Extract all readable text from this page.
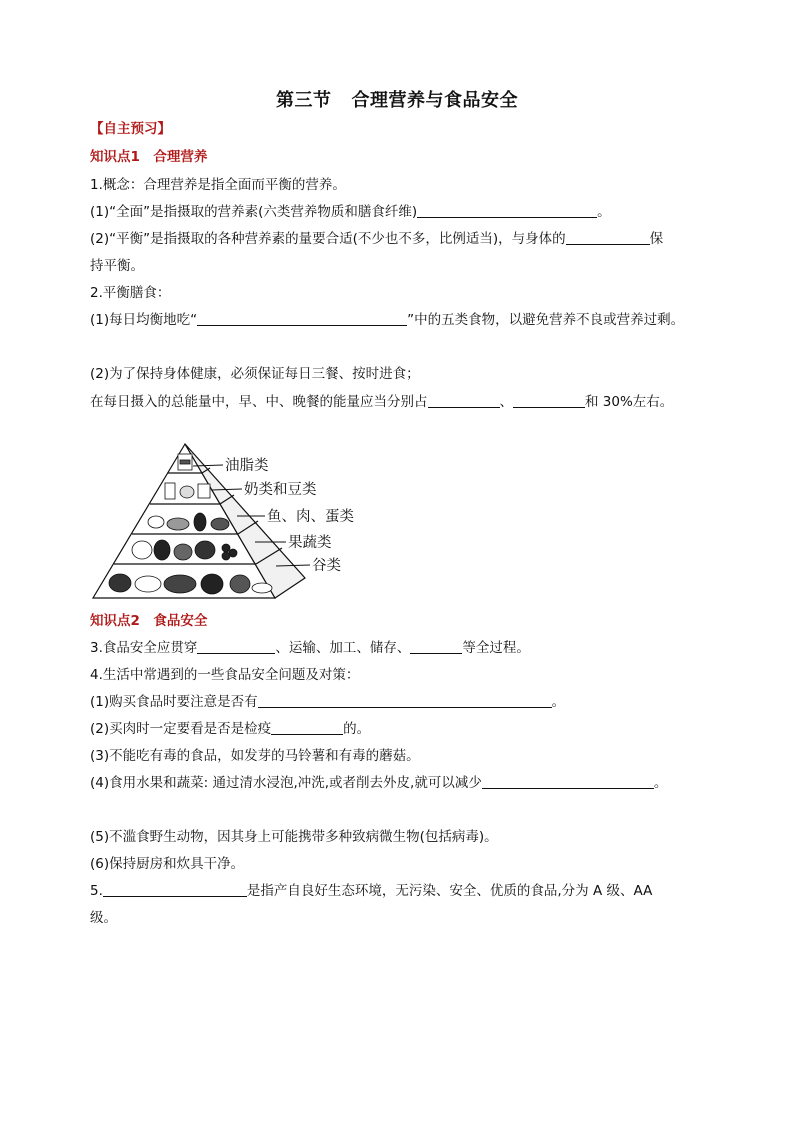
第三节 合理营养与食品安全
【自主预习】
知识点1　合理营养
1.概念：合理营养是指全面而平衡的营养。
(1)“全面”是指摄取的营养素(六类营养物质和膳食纤维)	。
(2)“平衡”是指摄取的各种营养素的量要合适(不少也不多，比例适当)，与身体的	保
持平衡。
2.平衡膳食：
(1)每日均衡地吃“	”中的五类食物，以避免营养不良或营养过剩。
(2)为了保持身体健康，必须保证每日三餐、按时进食；
在每日摄入的总能量中，早、中、晚餐的能量应当分别占	、	和 30%左右。
油脂类
奶类和豆类
鱼、肉、蛋类
果蔬类
谷类
知识点2　食品安全
3.食品安全应贯穿	、运输、加工、储存、	等全过程。
4.生活中常遇到的一些食品安全问题及对策：
(1)购买食品时要注意是否有	。
(2)买肉时一定要看是否是检疫	的。
(3)不能吃有毒的食品，如发芽的马铃薯和有毒的蘑菇。
(4)食用水果和蔬菜: 通过清水浸泡,冲洗,或者削去外皮,就可以减少	。
(5)不滥食野生动物，因其身上可能携带多种致病微生物(包括病毒)。
(6)保持厨房和炊具干净。
5.	是指产自良好生态环境，无污染、安全、优质的食品,分为 A 级、AA
级。
